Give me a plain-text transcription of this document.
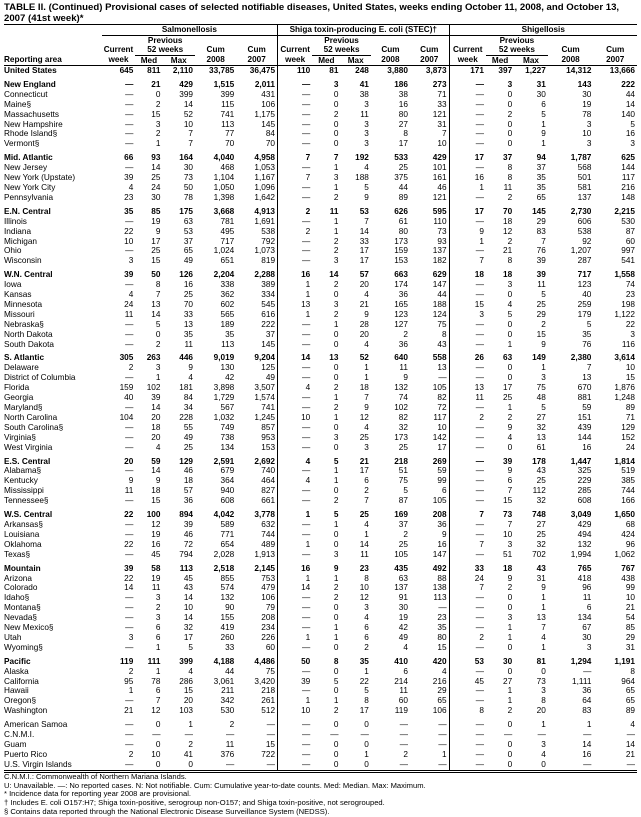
TABLE II. (Continued) Provisional cases of selected notifiable diseases, United States, weeks ending October 11, 2008, and October 13, 2007 (41st week)*
	Salmonellosis					Shiga toxin-producing E. coli (STEC)†					Shigellosis				
		Previous					Previous					Previous			
	Current	52 weeks		Cum	Cum	Current	52 weeks		Cum	Cum	Current	52 weeks		Cum	Cum
Reporting area	week	Med	Max	2008	2007	week	Med	Max	2008	2007	week	Med	Max	2008	2007
United States	645	811	2,110	33,785	36,475	110	81	248	3,880	3,873	171	397	1,227	14,312	13,666
New England	—	21	429	1,515	2,011	—	3	41	186	273	—	3	31	143	222
Connecticut	—	0	399	399	431	—	0	38	38	71	—	0	30	30	44
Maine§	—	2	14	115	106	—	0	3	16	33	—	0	6	19	14
Massachusetts	—	15	52	741	1,175	—	2	11	80	121	—	2	5	78	140
New Hampshire	—	3	10	113	145	—	0	3	27	31	—	0	1	3	5
Rhode Island§	—	2	7	77	84	—	0	3	8	7	—	0	9	10	16
Vermont§	—	1	7	70	70	—	0	3	17	10	—	0	1	3	3
Mid. Atlantic	66	93	164	4,040	4,958	7	7	192	533	429	17	37	94	1,787	625
New Jersey	—	14	30	468	1,053	—	1	4	25	101	—	8	37	568	144
New York (Upstate)	39	25	73	1,104	1,167	7	3	188	375	161	16	8	35	501	117
New York City	4	24	50	1,050	1,096	—	1	5	44	46	1	11	35	581	216
Pennsylvania	23	30	78	1,398	1,642	—	2	9	89	121	—	2	65	137	148
E.N. Central	35	85	175	3,668	4,913	2	11	53	626	595	17	70	145	2,730	2,215
Illinois	—	19	63	781	1,691	—	1	7	61	110	—	18	29	606	530
Indiana	22	9	53	495	538	2	1	14	80	73	9	12	83	538	87
Michigan	10	17	37	717	792	—	2	33	173	93	1	2	7	92	60
Ohio	—	25	65	1,024	1,073	—	2	17	159	137	—	21	76	1,207	997
Wisconsin	3	15	49	651	819	—	3	17	153	182	7	8	39	287	541
W.N. Central	39	50	126	2,204	2,288	16	14	57	663	629	18	18	39	717	1,558
Iowa	—	8	16	338	389	1	2	20	174	147	—	3	11	123	74
Kansas	4	7	25	362	334	1	0	4	36	44	—	0	5	40	23
Minnesota	24	13	70	602	545	13	3	21	165	188	15	4	25	259	198
Missouri	11	14	33	565	616	1	2	9	123	124	3	5	29	179	1,122
Nebraska§	—	5	13	189	222	—	1	28	127	75	—	0	2	5	22
North Dakota	—	0	35	35	37	—	0	20	2	8	—	0	15	35	3
South Dakota	—	2	11	113	145	—	0	4	36	43	—	1	9	76	116
S. Atlantic	305	263	446	9,019	9,204	14	13	52	640	558	26	63	149	2,380	3,614
Delaware	2	3	9	130	125	—	0	1	11	13	—	0	1	7	10
District of Columbia	—	1	4	42	49	—	0	1	9	—	—	0	3	13	15
Florida	159	102	181	3,898	3,507	4	2	18	132	105	13	17	75	670	1,876
Georgia	40	39	84	1,729	1,574	—	1	7	74	82	11	25	48	881	1,248
Maryland§	—	14	34	567	741	—	2	9	102	72	—	1	5	59	89
North Carolina	104	20	228	1,032	1,245	10	1	12	82	117	2	2	27	151	71
South Carolina§	—	18	55	749	857	—	0	4	32	10	—	9	32	439	129
Virginia§	—	20	49	738	953	—	3	25	173	142	—	4	13	144	152
West Virginia	—	4	25	134	153	—	0	3	25	17	—	0	61	16	24
E.S. Central	20	59	129	2,591	2,692	4	5	21	218	269	—	39	178	1,447	1,814
Alabama§	—	14	46	679	740	—	1	17	51	59	—	9	43	325	519
Kentucky	9	9	18	364	464	4	1	6	75	99	—	6	25	229	385
Mississippi	11	18	57	940	827	—	0	2	5	6	—	7	112	285	744
Tennessee§	—	15	36	608	661	—	2	7	87	105	—	15	32	608	166
W.S. Central	22	100	894	4,042	3,778	1	5	25	169	208	7	73	748	3,049	1,650
Arkansas§	—	12	39	589	632	—	1	4	37	36	—	7	27	429	68
Louisiana	—	19	46	771	744	—	0	1	2	9	—	10	25	494	424
Oklahoma	22	16	72	654	489	1	0	14	25	16	7	3	32	132	96
Texas§	—	45	794	2,028	1,913	—	3	11	105	147	—	51	702	1,994	1,062
Mountain	39	58	113	2,518	2,145	16	9	23	435	492	33	18	43	765	767
Arizona	22	19	45	855	753	1	1	8	63	88	24	9	31	418	438
Colorado	14	11	43	574	479	14	2	10	137	138	7	2	9	96	99
Idaho§	—	3	14	132	106	—	2	12	91	113	—	0	1	11	10
Montana§	—	2	10	90	79	—	0	3	30	—	—	0	1	6	21
Nevada§	—	3	14	155	208	—	0	4	19	23	—	3	13	134	54
New Mexico§	—	6	32	419	234	—	1	6	42	35	—	1	7	67	85
Utah	3	6	17	260	226	1	1	6	49	80	2	1	4	30	29
Wyoming§	—	1	5	33	60	—	0	2	4	15	—	0	1	3	31
Pacific	119	111	399	4,188	4,486	50	8	35	410	420	53	30	81	1,294	1,191
Alaska	2	1	4	44	75	—	0	1	6	4	—	0	0	—	8
California	95	78	286	3,061	3,420	39	5	22	214	216	45	27	73	1,111	964
Hawaii	1	6	15	211	218	—	0	5	11	29	—	1	3	36	65
Oregon§	—	7	20	342	261	1	1	8	60	65	—	1	8	64	65
Washington	21	12	103	530	512	10	2	17	119	106	8	2	20	83	89
American Samoa	—	0	1	2	—	—	0	0	—	—	—	0	1	1	4
C.N.M.I.	—	—	—	—	—	—	—	—	—	—	—	—	—	—	—
Guam	—	0	2	11	15	—	0	0	—	—	—	0	3	14	14
Puerto Rico	2	10	41	376	722	—	0	1	2	1	—	0	4	16	21
U.S. Virgin Islands	—	0	0	—	—	—	0	0	—	—	—	0	0	—	—
C.N.M.I.: Commonwealth of Northern Mariana Islands.
U: Unavailable. —: No reported cases. N: Not notifiable. Cum: Cumulative year-to-date counts. Med: Median. Max: Maximum.
* Incidence data for reporting year 2008 are provisional.
† Includes E. coli O157:H7; Shiga toxin-positive, serogroup non-O157; and Shiga toxin-positive, not serogrouped.
§ Contains data reported through the National Electronic Disease Surveillance System (NEDSS).
